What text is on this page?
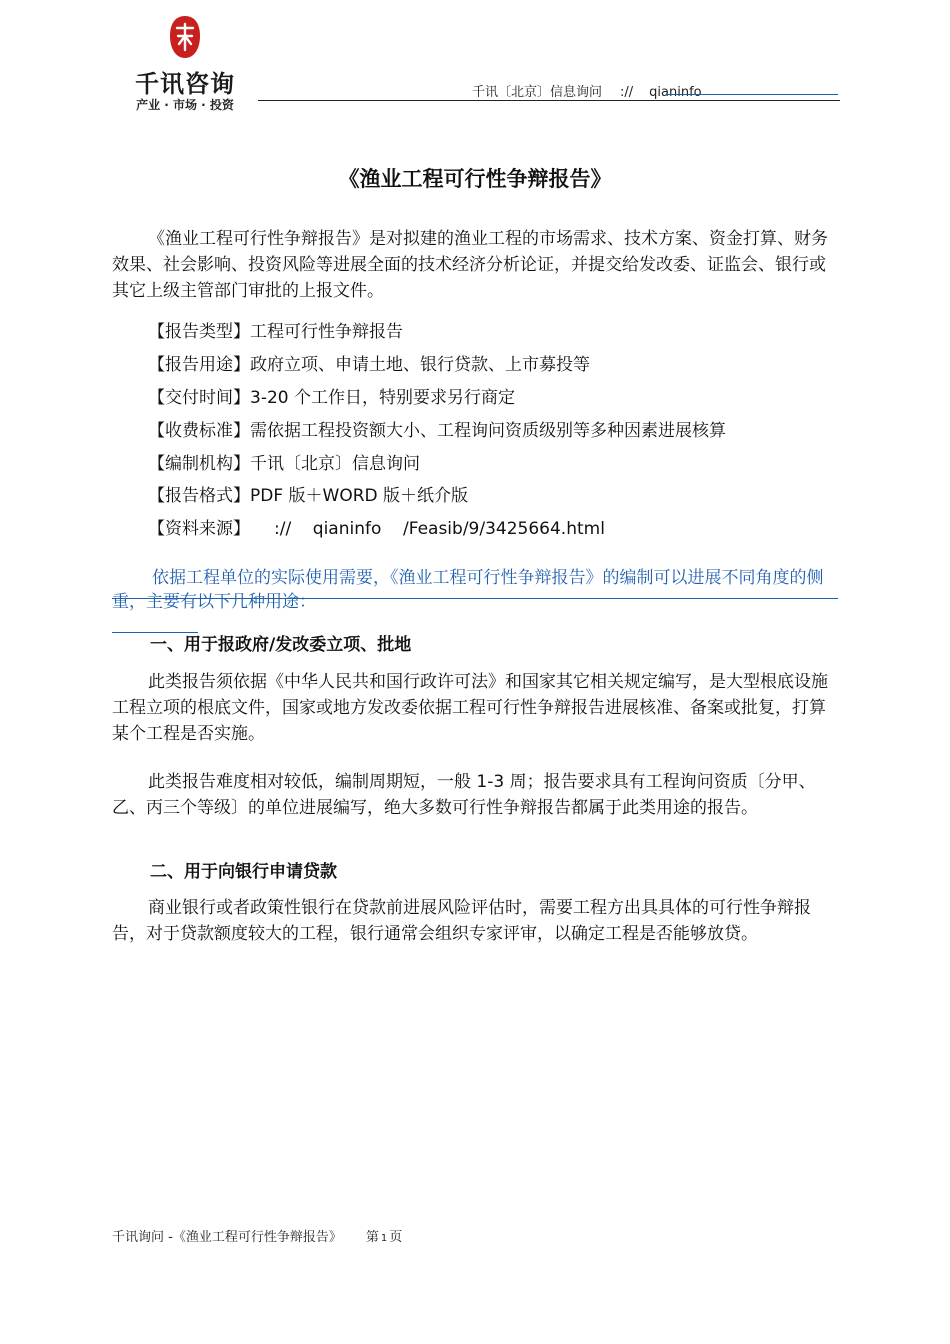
千讯咨询
产业 · 市场 · 投资
千讯〔北京〕信息询问 :// qianinfo
《渔业工程可行性争辩报告》

《渔业工程可行性争辩报告》是对拟建的渔业工程的市场需求、技术方案、资金打算、财务效果、社会影响、投资风险等进展全面的技术经济分析论证，并提交给发改委、证监会、银行或其它上级主管部门审批的上报文件。

【报告类型】工程可行性争辩报告
【报告用途】政府立项、申请土地、银行贷款、上市募投等
【交付时间】3-20 个工作日，特别要求另行商定
【收费标准】需依据工程投资额大小、工程询问资质级别等多种因素进展核算
【编制机构】千讯〔北京〕信息询问
【报告格式】PDF 版＋WORD 版＋纸介版
【资料来源】 ://    qianinfo    /Feasib/9/3425664.html

依据工程单位的实际使用需要，《渔业工程可行性争辩报告》的编制可以进展不同角度的侧重，主要有以下几种用途：

一、用于报政府/发改委立项、批地

此类报告须依据《中华人民共和国行政许可法》和国家其它相关规定编写，是大型根底设施工程立项的根底文件，国家或地方发改委依据工程可行性争辩报告进展核准、备案或批复，打算某个工程是否实施。

此类报告难度相对较低，编制周期短，一般 1-3 周；报告要求具有工程询问资质〔分甲、乙、丙三个等级〕的单位进展编写，绝大多数可行性争辩报告都属于此类用途的报告。

二、用于向银行申请贷款

商业银行或者政策性银行在贷款前进展风险评估时，需要工程方出具具体的可行性争辩报告，对于贷款额度较大的工程，银行通常会组织专家评审，以确定工程是否能够放贷。

千讯询问 -《渔业工程可行性争辩报告》 第 1 页
